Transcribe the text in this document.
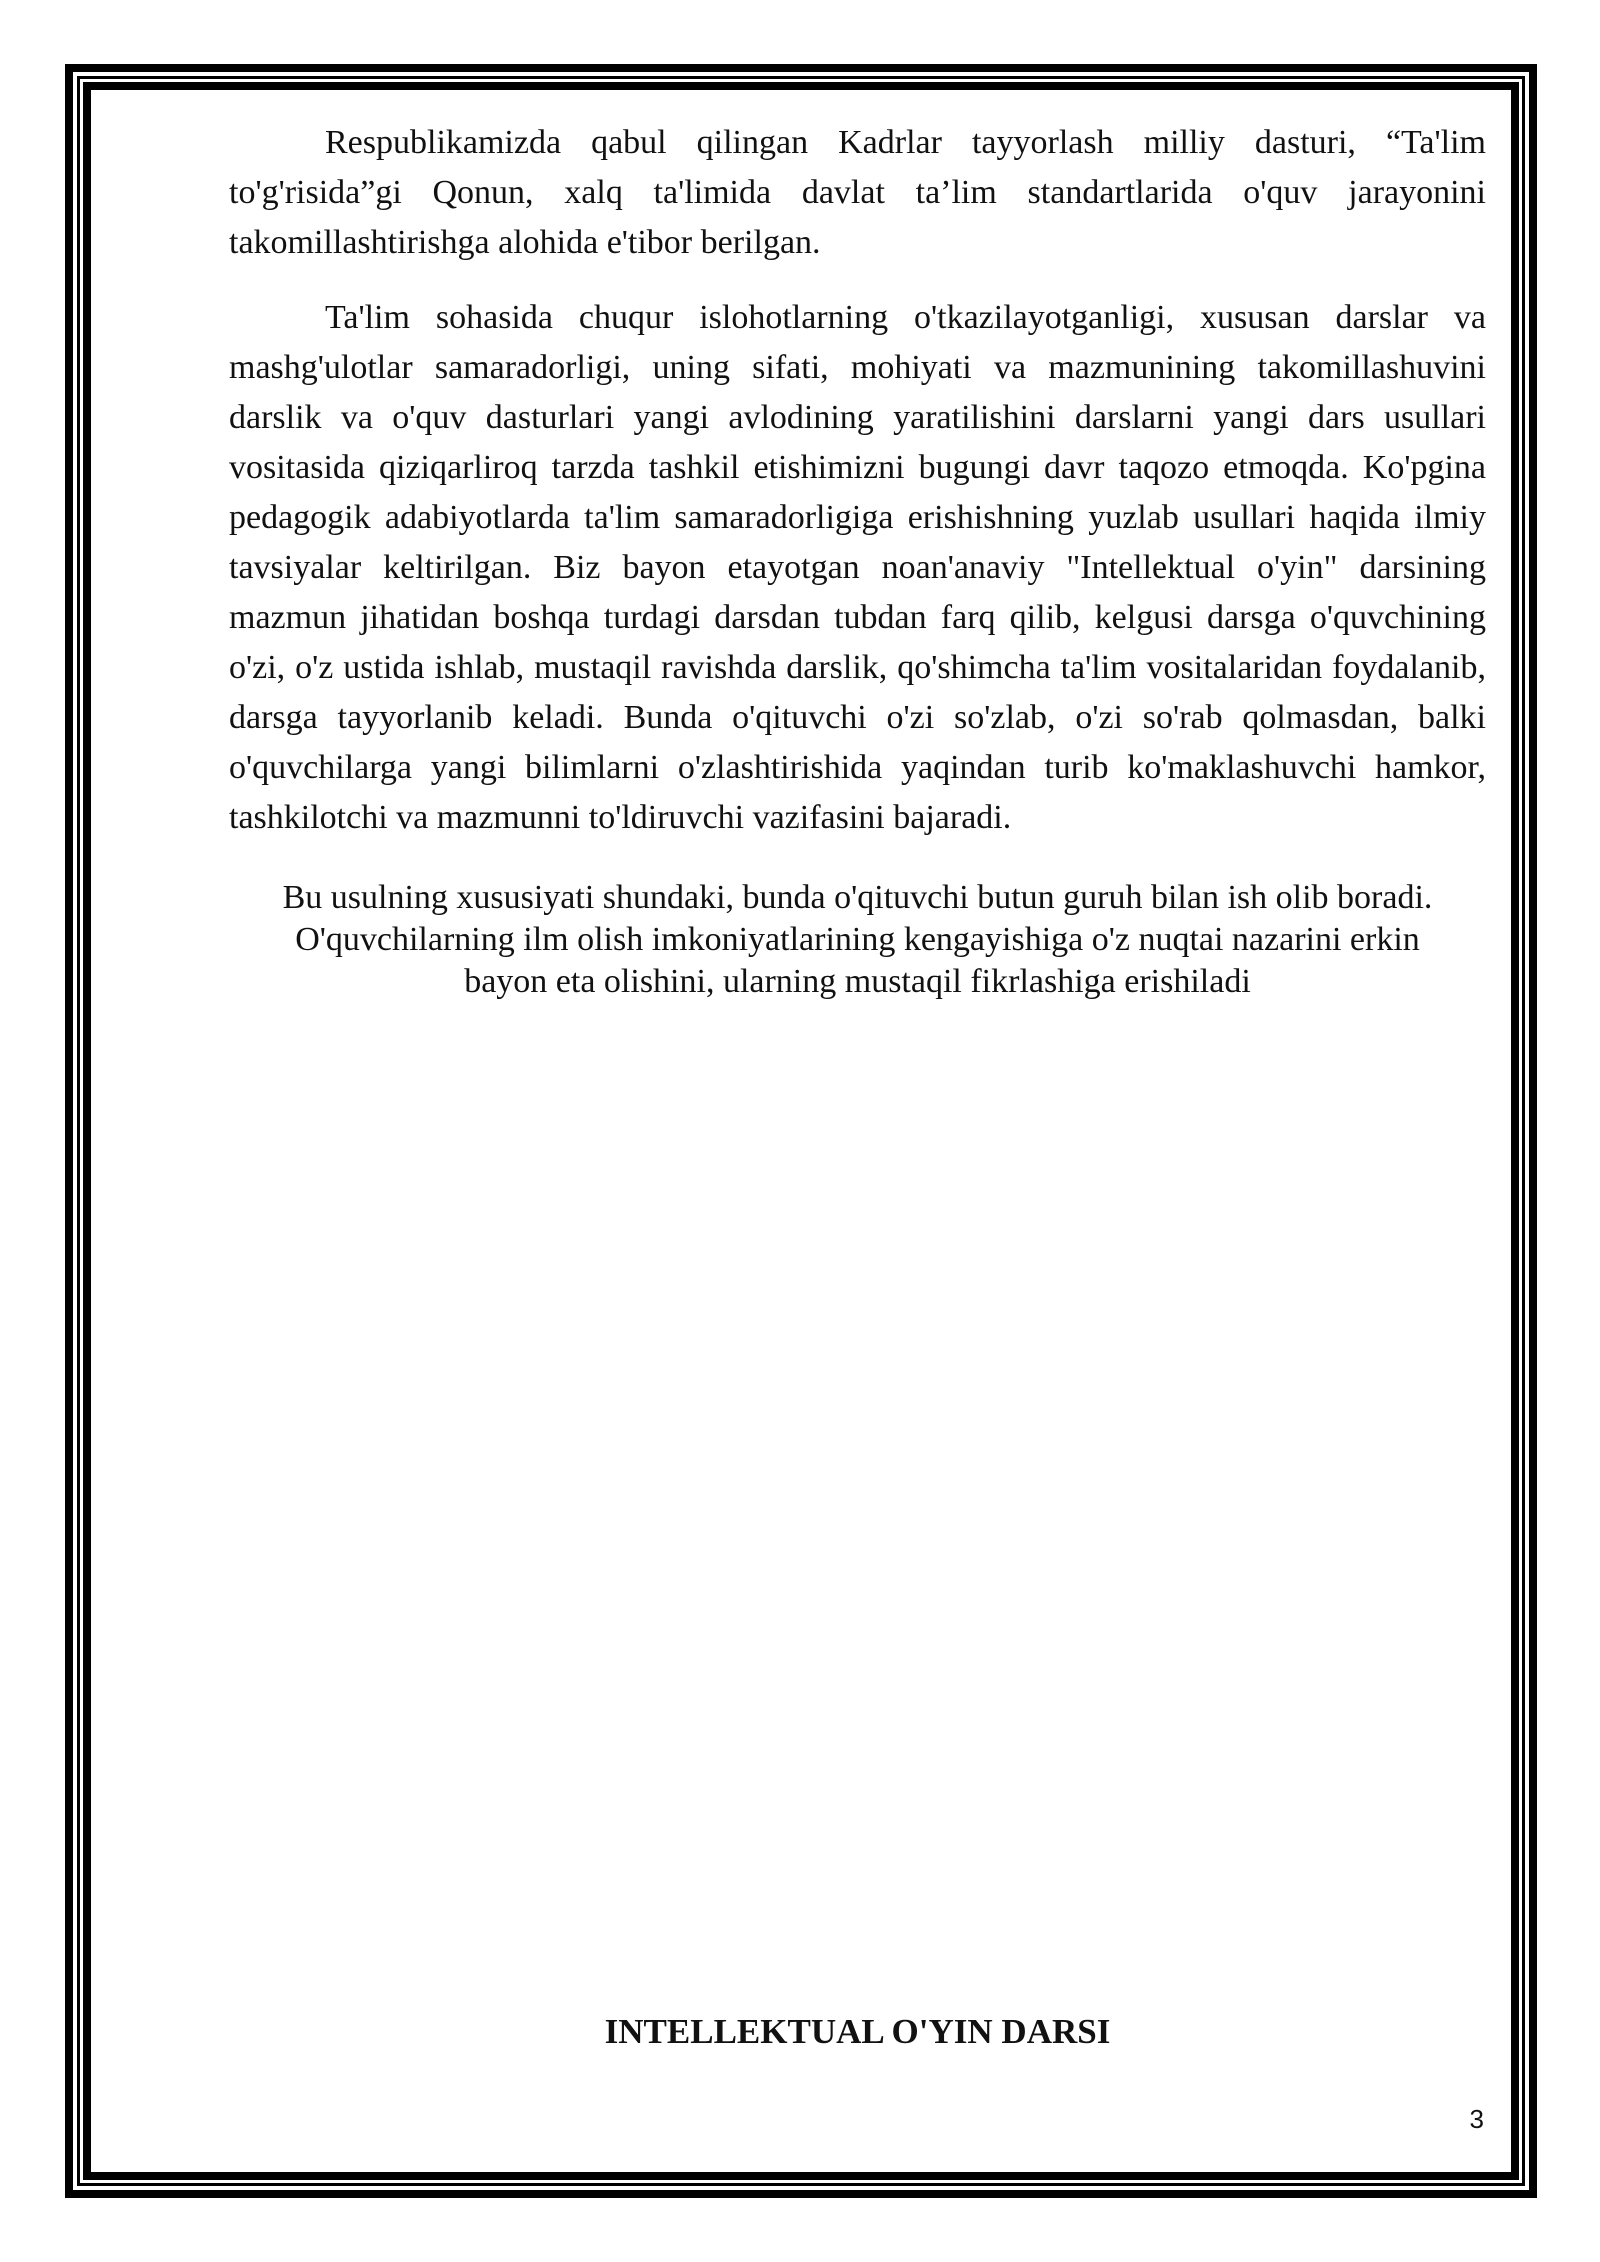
Respublikamizda qabul qilingan Kadrlar tayyorlash milliy dasturi, “Ta'lim to'g'risida”gi Qonun, xalq ta'limida davlat ta’lim standartlarida o'quv jarayonini takomillashtirishga alohida e'tibor berilgan.

Ta'lim sohasida chuqur islohotlarning o'tkazilayotganligi, xususan darslar va mashg'ulotlar samaradorligi, uning sifati, mohiyati va mazmunining takomillashuvini darslik va o'quv dasturlari yangi avlodining yaratilishini darslarni yangi dars usullari vositasida qiziqarliroq tarzda tashkil etishimizni bugungi davr taqozo etmoqda. Ko'pgina pedagogik adabiyotlarda ta'lim samaradorligiga erishishning yuzlab usullari haqida ilmiy tavsiyalar keltirilgan. Biz bayon etayotgan noan'anaviy "Intellektual o'yin" darsining mazmun jihatidan boshqa turdagi darsdan tubdan farq qilib, kelgusi darsga o'quvchining o'zi, o'z ustida ishlab, mustaqil ravishda darslik, qo'shimcha ta'lim vositalaridan foydalanib, darsga tayyorlanib keladi. Bunda o'qituvchi o'zi so'zlab, o'zi so'rab qolmasdan, balki o'quvchilarga yangi bilimlarni o'zlashtirishida yaqindan turib ko'maklashuvchi hamkor, tashkilotchi va mazmunni to'ldiruvchi vazifasini bajaradi.

Bu usulning xususiyati shundaki, bunda o'qituvchi butun guruh bilan ish olib boradi. O'quvchilarning ilm olish imkoniyatlarining kengayishiga o'z nuqtai nazarini erkin bayon eta olishini, ularning mustaqil fikrlashiga erishiladi

INTELLEKTUAL O'YIN DARSI
3
